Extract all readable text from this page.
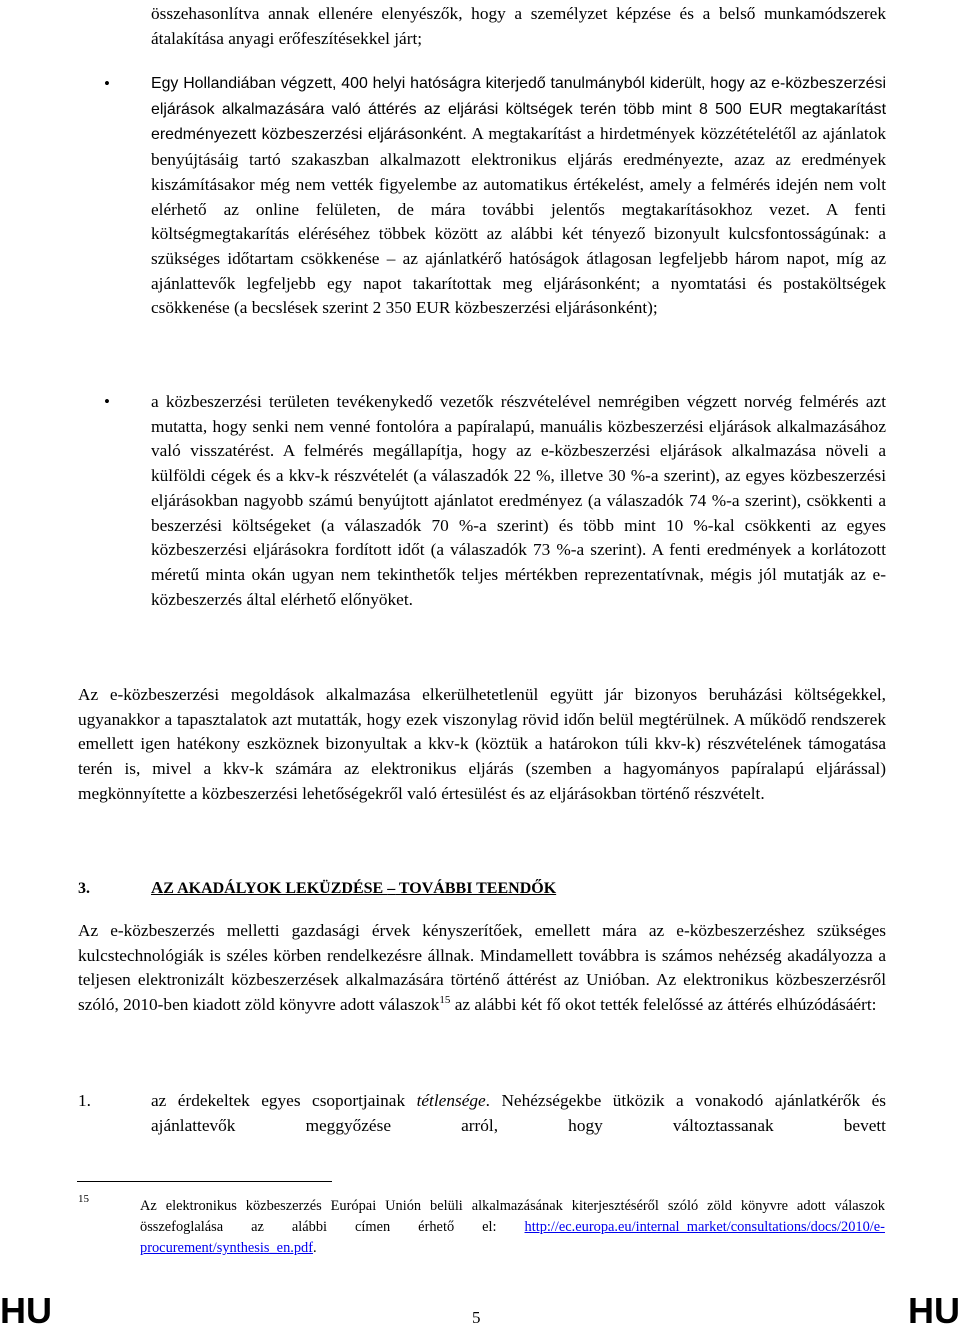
összehasonlítva annak ellenére elenyészők, hogy a személyzet képzése és a belső munkamódszerek átalakítása anyagi erőfeszítésekkel járt;
•	Egy Hollandiában végzett, 400 helyi hatóságra kiterjedő tanulmányból kiderült, hogy az e-közbeszerzési eljárások alkalmazására való áttérés az eljárási költségek terén több mint 8 500 EUR megtakarítást eredményezett közbeszerzési eljárásonként. A megtakarítást a hirdetmények közzétételétől az ajánlatok benyújtásáig tartó szakaszban alkalmazott elektronikus eljárás eredményezte, azaz az eredmények kiszámításakor még nem vették figyelembe az automatikus értékelést, amely a felmérés idején nem volt elérhető az online felületen, de mára további jelentős megtakarításokhoz vezet. A fenti költségmegtakarítás eléréséhez többek között az alábbi két tényező bizonyult kulcsfontosságúnak: a szükséges időtartam csökkenése – az ajánlatkérő hatóságok átlagosan legfeljebb három napot, míg az ajánlattevők legfeljebb egy napot takarítottak meg eljárásonként; a nyomtatási és postaköltségek csökkenése (a becslések szerint 2 350 EUR közbeszerzési eljárásonként);
• a közbeszerzési területen tevékenykedő vezetők részvételével nemrégiben végzett norvég felmérés azt mutatta, hogy senki nem venné fontolóra a papíralapú, manuális közbeszerzési eljárások alkalmazásához való visszatérést. A felmérés megállapítja, hogy az e-közbeszerzési eljárások alkalmazása növeli a külföldi cégek és a kkv-k részvételét (a válaszadók 22 %, illetve 30 %-a szerint), az egyes közbeszerzési eljárásokban nagyobb számú benyújtott ajánlatot eredményez (a válaszadók 74 %-a szerint), csökkenti a beszerzési költségeket (a válaszadók 70 %-a szerint) és több mint 10 %-kal csökkenti az egyes közbeszerzési eljárásokra fordított időt (a válaszadók 73 %-a szerint). A fenti eredmények a korlátozott méretű minta okán ugyan nem tekinthetők teljes mértékben reprezentatívnak, mégis jól mutatják az e-közbeszerzés által elérhető előnyöket.
Az e-közbeszerzési megoldások alkalmazása elkerülhetetlenül együtt jár bizonyos beruházási költségekkel, ugyanakkor a tapasztalatok azt mutatták, hogy ezek viszonylag rövid időn belül megtérülnek. A működő rendszerek emellett igen hatékony eszköznek bizonyultak a kkv-k (köztük a határokon túli kkv-k) részvételének támogatása terén is, mivel a kkv-k számára az elektronikus eljárás (szemben a hagyományos papíralapú eljárással) megkönnyítette a közbeszerzési lehetőségekről való értesülést és az eljárásokban történő részvételt.
3.	AZ AKADÁLYOK LEKÜZDÉSE – TOVÁBBI TEENDŐK
Az e-közbeszerzés melletti gazdasági érvek kényszerítőek, emellett mára az e-közbeszerzéshez szükséges kulcstechnológiák is széles körben rendelkezésre állnak. Mindamellett továbbra is számos nehézség akadályozza a teljesen elektronizált közbeszerzések alkalmazására történő áttérést az Unióban. Az elektronikus közbeszerzésről szóló, 2010-ben kiadott zöld könyvre adott válaszok$^{15}$ az alábbi két fő okot tették felelőssé az áttérés elhúzódásáért:
1.	az érdekeltek egyes csoportjainak tétlensége. Nehézségekbe ütközik a vonakodó ajánlatkérők és ajánlattevők meggyőzése arról, hogy változtassanak bevett
15	Az elektronikus közbeszerzés Európai Unión belüli alkalmazásának kiterjesztéséről szóló zöld könyvre adott válaszok összefoglalása az alábbi címen érhető el: http://ec.europa.eu/internal_market/consultations/docs/2010/e-procurement/synthesis_en.pdf.
HU	5	HU
